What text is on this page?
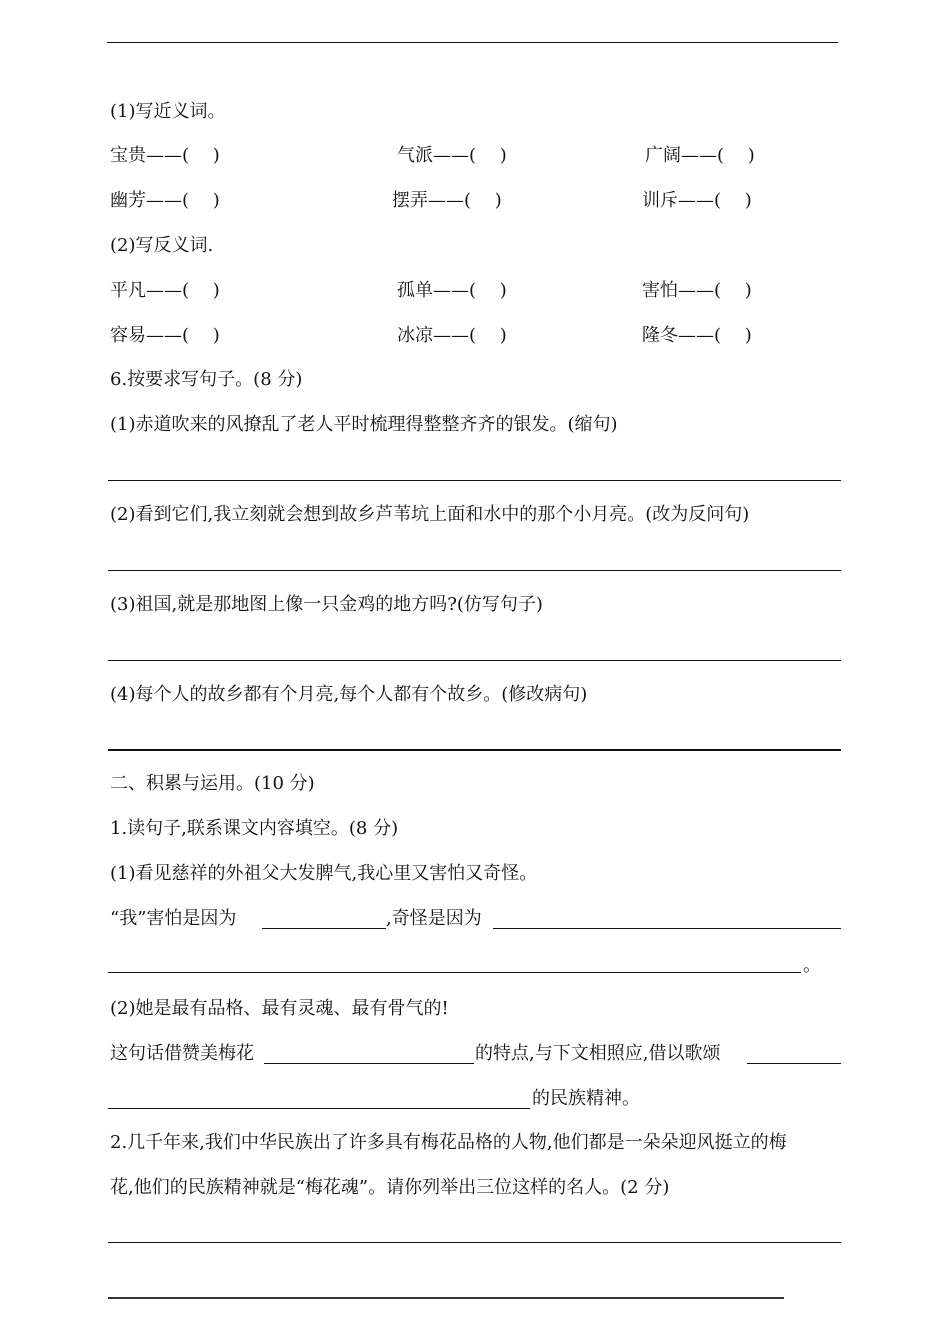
(1)写近义词。
宝贵——(　 )	气派——(　 )	广阔——(　 )
幽芳——(　 )	摆弄——(　 )	训斥——(　 )
(2)写反义词.
平凡——(　 )	孤单——(　 )	害怕——(　 )
容易——(　 )	冰凉——(　 )	隆冬——(　 )
6.按要求写句子。(8 分)
(1)赤道吹来的风撩乱了老人平时梳理得整整齐齐的银发。(缩句)
(2)看到它们,我立刻就会想到故乡芦苇坑上面和水中的那个小月亮。(改为反问句)
(3)祖国,就是那地图上像一只金鸡的地方吗?(仿写句子)
(4)每个人的故乡都有个月亮,每个人都有个故乡。(修改病句)
二、积累与运用。(10 分)
1.读句子,联系课文内容填空。(8 分)
(1)看见慈祥的外祖父大发脾气,我心里又害怕又奇怪。
“我”害怕是因为	,奇怪是因为
。
(2)她是最有品格、最有灵魂、最有骨气的!
这句话借赞美梅花	的特点,与下文相照应,借以歌颂
的民族精神。
2.几千年来,我们中华民族出了许多具有梅花品格的人物,他们都是一朵朵迎风挺立的梅
花,他们的民族精神就是“梅花魂”。请你列举出三位这样的名人。(2 分)
